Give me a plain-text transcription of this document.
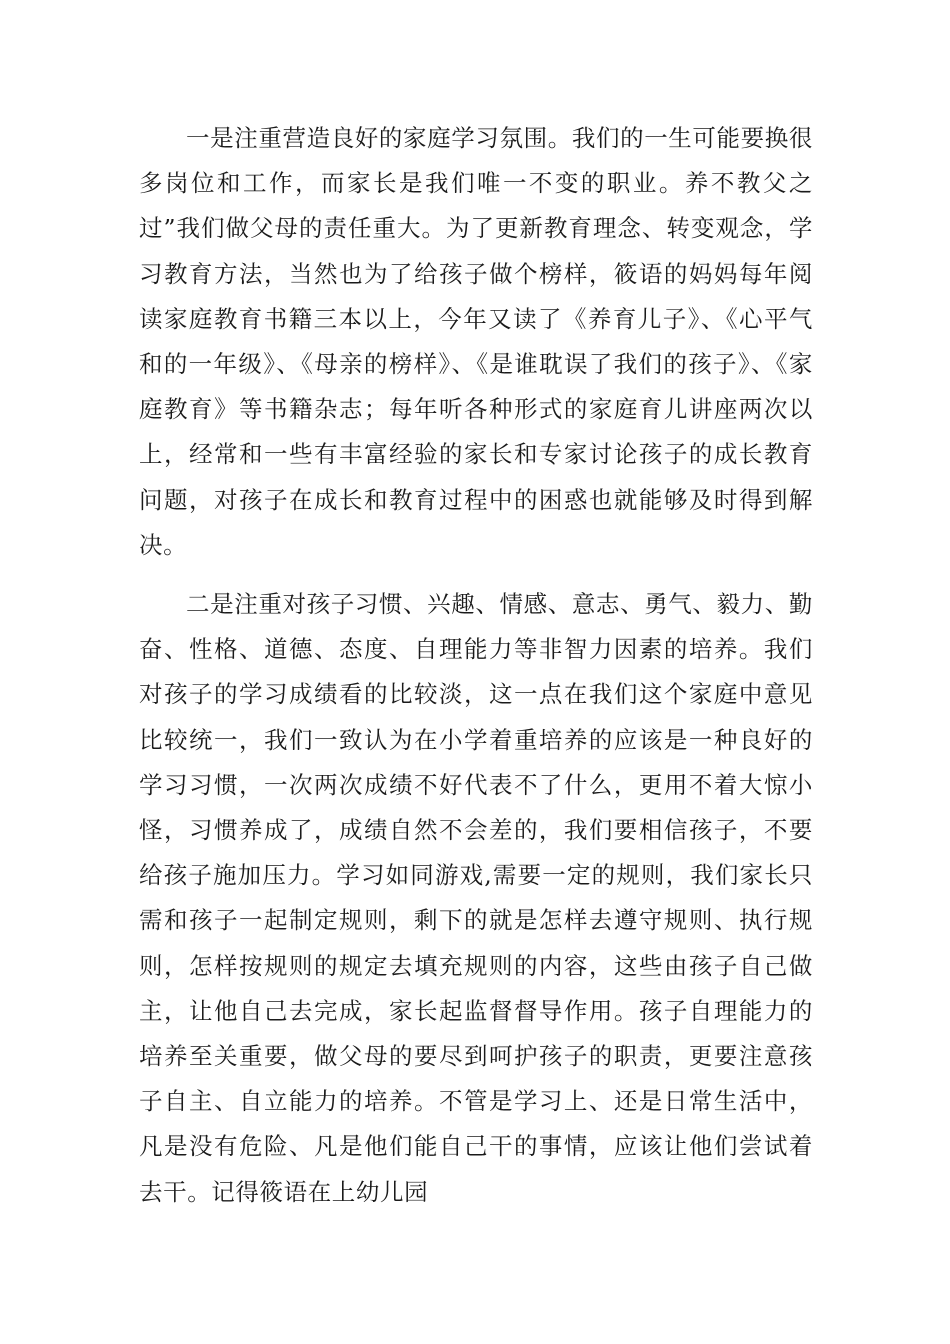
一是注重营造良好的家庭学习氛围。我们的一生可能要换很多岗位和工作，而家长是我们唯一不变的职业。养不教父之过”我们做父母的责任重大。为了更新教育理念、转变观念，学习教育方法，当然也为了给孩子做个榜样，筱语的妈妈每年阅读家庭教育书籍三本以上，今年又读了《养育儿子》、《心平气和的一年级》、《母亲的榜样》、《是谁耽误了我们的孩子》、《家庭教育》等书籍杂志；每年听各种形式的家庭育儿讲座两次以上，经常和一些有丰富经验的家长和专家讨论孩子的成长教育问题，对孩子在成长和教育过程中的困惑也就能够及时得到解决。

二是注重对孩子习惯、兴趣、情感、意志、勇气、毅力、勤奋、性格、道德、态度、自理能力等非智力因素的培养。我们对孩子的学习成绩看的比较淡，这一点在我们这个家庭中意见比较统一，我们一致认为在小学着重培养的应该是一种良好的学习习惯，一次两次成绩不好代表不了什么，更用不着大惊小怪，习惯养成了，成绩自然不会差的，我们要相信孩子，不要给孩子施加压力。学习如同游戏,需要一定的规则，我们家长只需和孩子一起制定规则，剩下的就是怎样去遵守规则、执行规则，怎样按规则的规定去填充规则的内容，这些由孩子自己做主，让他自己去完成，家长起监督督导作用。孩子自理能力的培养至关重要，做父母的要尽到呵护孩子的职责，更要注意孩子自主、自立能力的培养。不管是学习上、还是日常生活中，凡是没有危险、凡是他们能自己干的事情，应该让他们尝试着去干。记得筱语在上幼儿园
